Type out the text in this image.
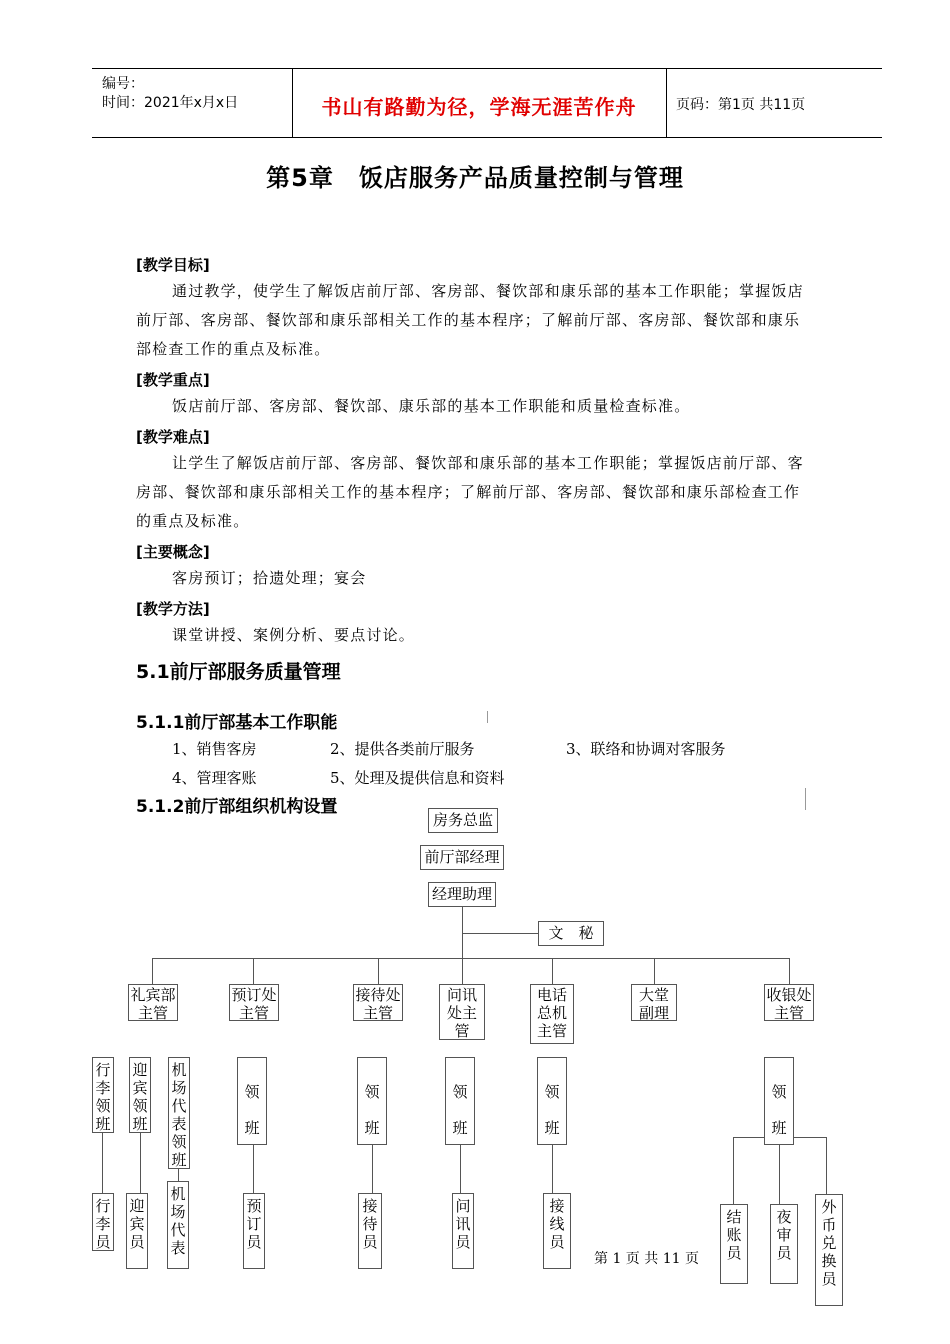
编号：
时间：2021年x月x日	书山有路勤为径，学海无涯苦作舟	页码：第1页 共11页
第5章　饭店服务产品质量控制与管理
[教学目标]
通过教学，使学生了解饭店前厅部、客房部、餐饮部和康乐部的基本工作职能；掌握饭店
前厅部、客房部、餐饮部和康乐部相关工作的基本程序；了解前厅部、客房部、餐饮部和康乐
部检查工作的重点及标准。
[教学重点]
饭店前厅部、客房部、餐饮部、康乐部的基本工作职能和质量检查标准。
[教学难点]
让学生了解饭店前厅部、客房部、餐饮部和康乐部的基本工作职能；掌握饭店前厅部、客
房部、餐饮部和康乐部相关工作的基本程序；了解前厅部、客房部、餐饮部和康乐部检查工作
的重点及标准。
[主要概念]
客房预订；拾遗处理；宴会
[教学方法]
课堂讲授、案例分析、要点讨论。
5.1前厅部服务质量管理
5.1.1前厅部基本工作职能
1、销售客房	2、提供各类前厅服务	3、联络和协调对客服务
4、管理客账	5、处理及提供信息和资料
5.1.2前厅部组织机构设置
房务总监
前厅部经理
经理助理
文　秘
礼宾部
主管
预订处
主管
接待处
主管
问讯
处主
管
电话
总机
主管
大堂
副理
收银处
主管
行
李
领
班
迎
宾
领
班
机
场
代
表
领
班
领
班
领
班
领
班
领
班
领
班
行
李
员
迎
宾
员
机
场
代
表
预
订
员
接
待
员
问
讯
员
接
线
员
结
账
员
夜
审
员
外
币
兑
换
员
第 1 页 共 11 页
